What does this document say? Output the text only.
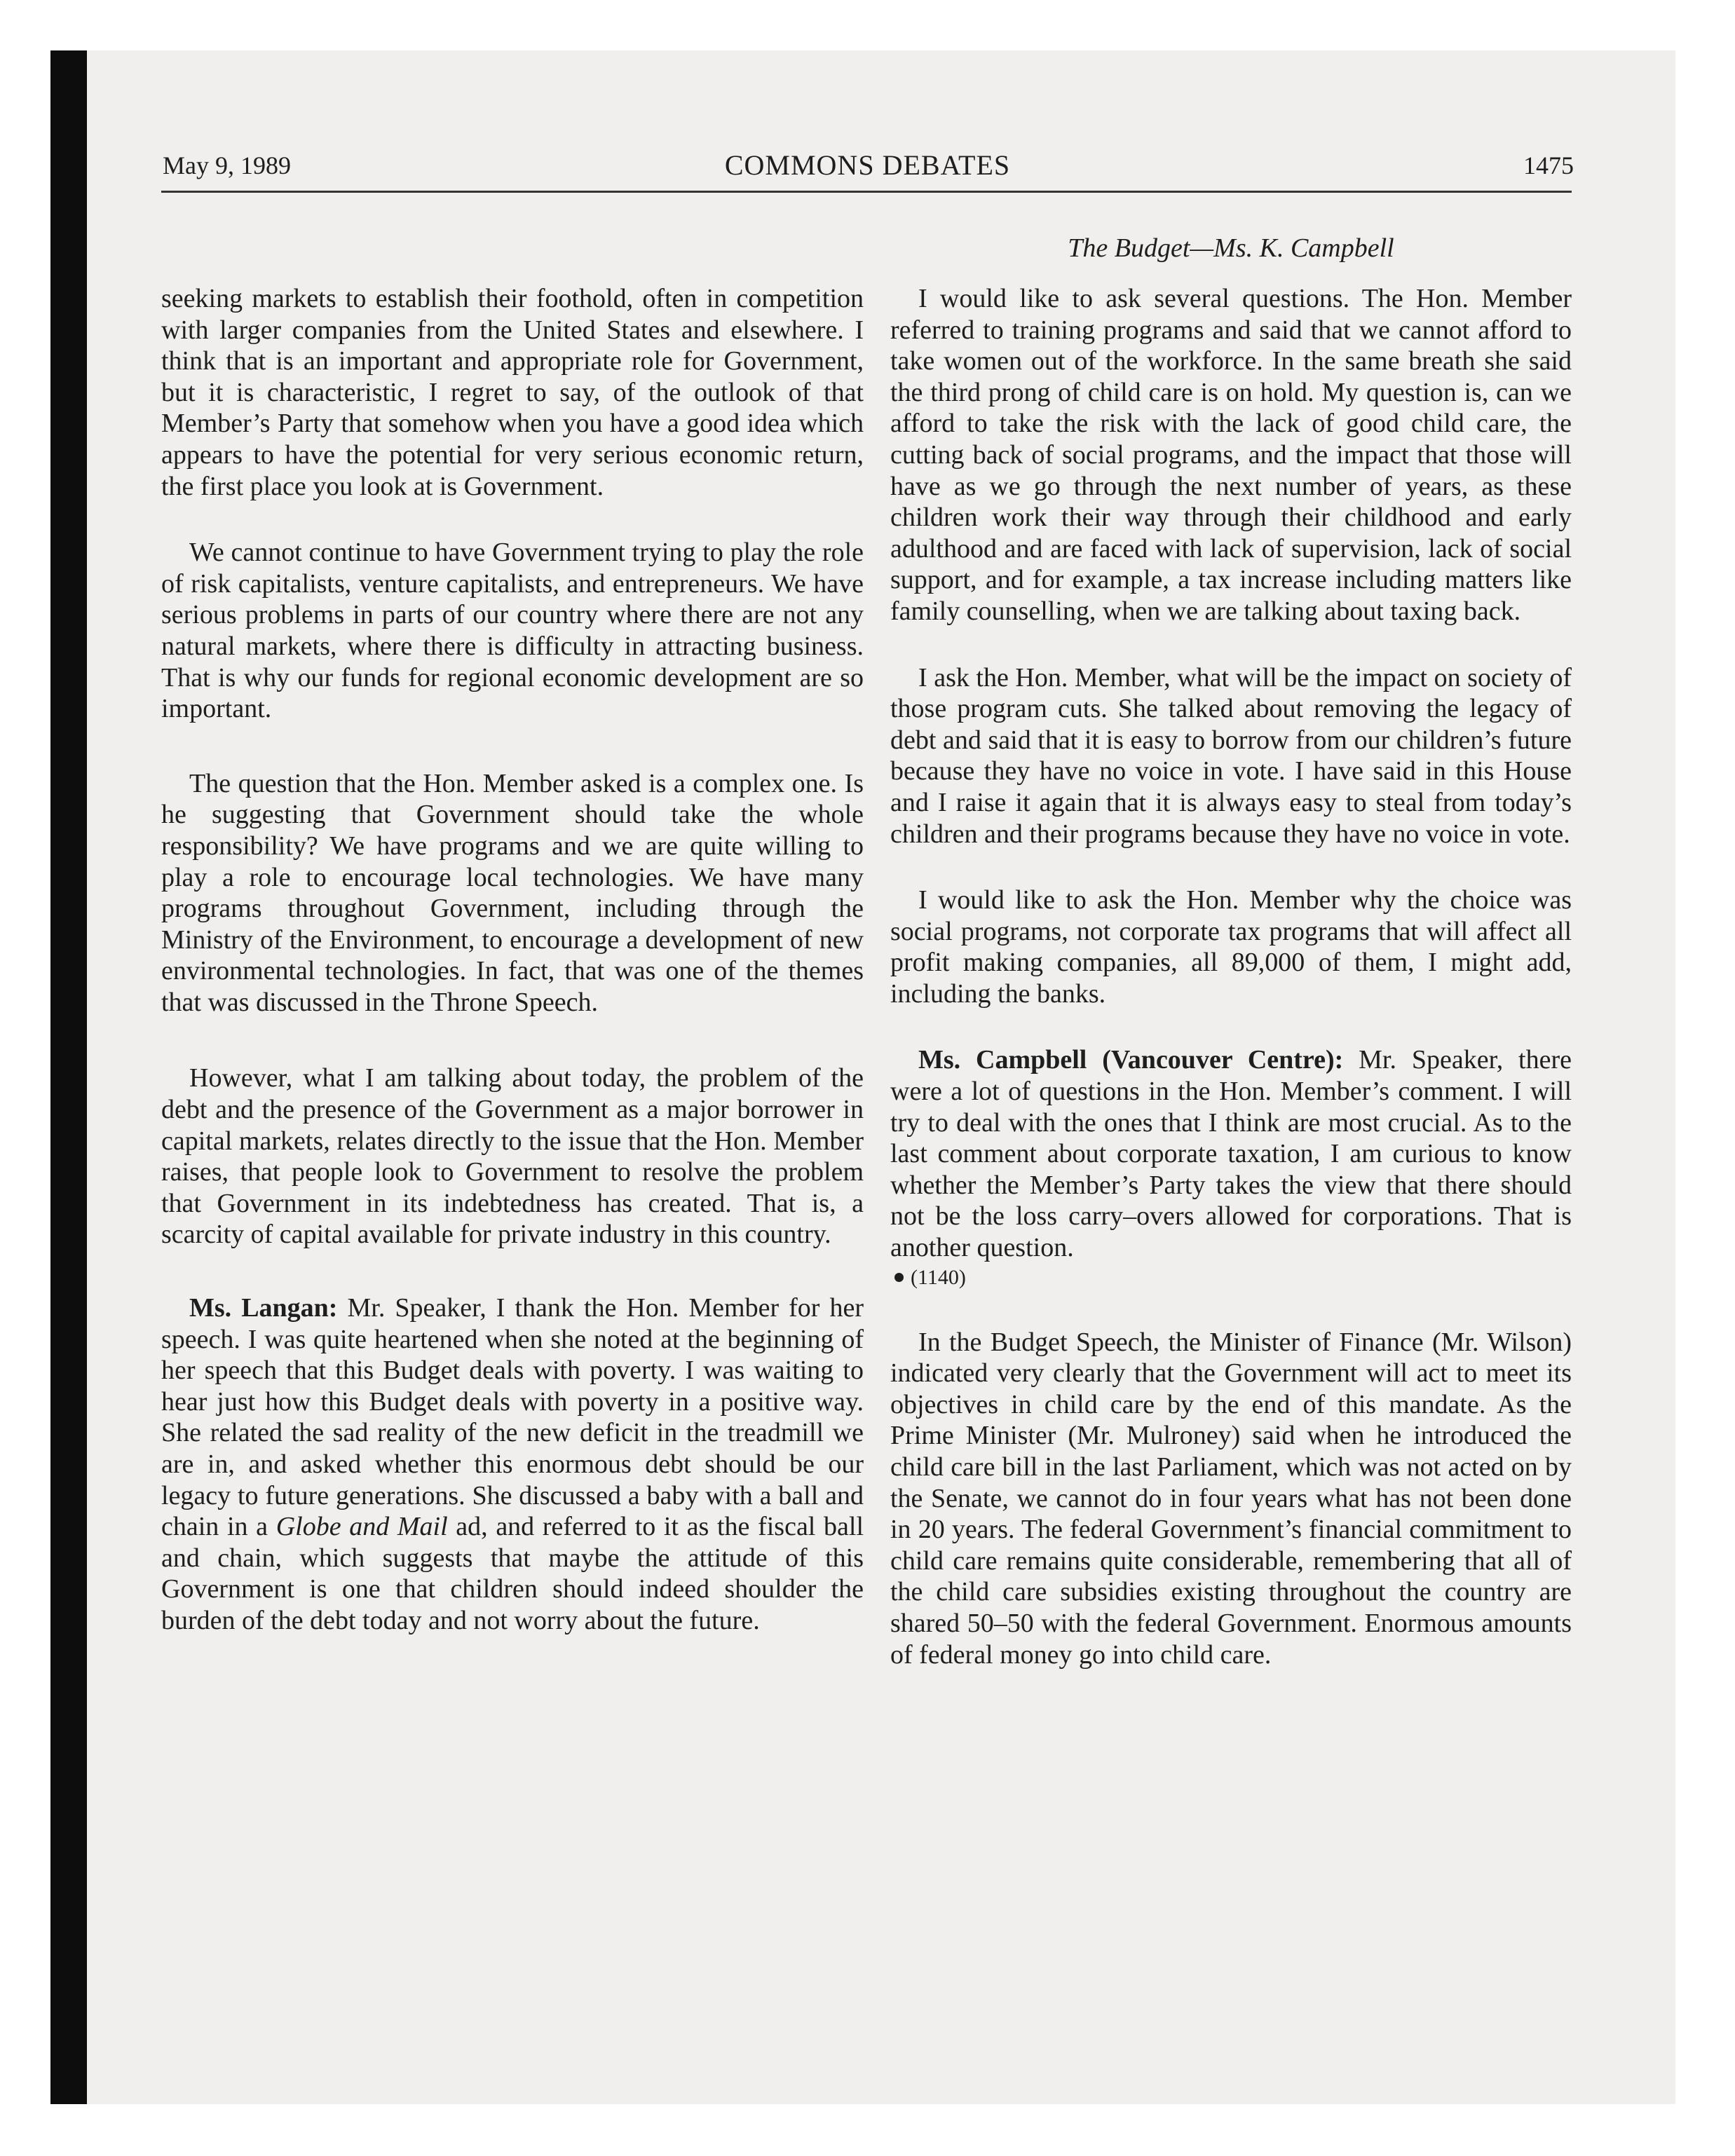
May 9, 1989	COMMONS DEBATES	1475
The Budget—Ms. K. Campbell

seeking markets to establish their foothold, often in competition with larger companies from the United States and elsewhere. I think that is an important and appropriate role for Government, but it is characteristic, I regret to say, of the outlook of that Member’s Party that somehow when you have a good idea which appears to have the potential for very serious economic return, the first place you look at is Government.

We cannot continue to have Government trying to play the role of risk capitalists, venture capitalists, and entrepreneurs. We have serious problems in parts of our country where there are not any natural markets, where there is difficulty in attracting business. That is why our funds for regional economic development are so important.

The question that the Hon. Member asked is a complex one. Is he suggesting that Government should take the whole responsibility? We have programs and we are quite willing to play a role to encourage local technologies. We have many programs throughout Government, including through the Ministry of the Environment, to encourage a development of new environmental technologies. In fact, that was one of the themes that was discussed in the Throne Speech.

However, what I am talking about today, the problem of the debt and the presence of the Government as a major borrower in capital markets, relates directly to the issue that the Hon. Member raises, that people look to Government to resolve the problem that Government in its indebtedness has created. That is, a scarcity of capital available for private industry in this country.

Ms. Langan: Mr. Speaker, I thank the Hon. Member for her speech. I was quite heartened when she noted at the beginning of her speech that this Budget deals with poverty. I was waiting to hear just how this Budget deals with poverty in a positive way. She related the sad reality of the new deficit in the treadmill we are in, and asked whether this enormous debt should be our legacy to future generations. She discussed a baby with a ball and chain in a Globe and Mail ad, and referred to it as the fiscal ball and chain, which suggests that maybe the attitude of this Government is one that children should indeed shoulder the burden of the debt today and not worry about the future.

I would like to ask several questions. The Hon. Member referred to training programs and said that we cannot afford to take women out of the workforce. In the same breath she said the third prong of child care is on hold. My question is, can we afford to take the risk with the lack of good child care, the cutting back of social programs, and the impact that those will have as we go through the next number of years, as these children work their way through their childhood and early adulthood and are faced with lack of supervision, lack of social support, and for example, a tax increase including matters like family counselling, when we are talking about taxing back.

I ask the Hon. Member, what will be the impact on society of those program cuts. She talked about removing the legacy of debt and said that it is easy to borrow from our children’s future because they have no voice in vote. I have said in this House and I raise it again that it is always easy to steal from today’s children and their programs because they have no voice in vote.

I would like to ask the Hon. Member why the choice was social programs, not corporate tax programs that will affect all profit making companies, all 89,000 of them, I might add, including the banks.

Ms. Campbell (Vancouver Centre): Mr. Speaker, there were a lot of questions in the Hon. Member’s comment. I will try to deal with the ones that I think are most crucial. As to the last comment about corporate taxation, I am curious to know whether the Member’s Party takes the view that there should not be the loss carry–overs allowed for corporations. That is another question.

(1140)

In the Budget Speech, the Minister of Finance (Mr. Wilson) indicated very clearly that the Government will act to meet its objectives in child care by the end of this mandate. As the Prime Minister (Mr. Mulroney) said when he introduced the child care bill in the last Parliament, which was not acted on by the Senate, we cannot do in four years what has not been done in 20 years. The federal Government’s financial commitment to child care remains quite considerable, remembering that all of the child care subsidies existing throughout the country are shared 50–50 with the federal Government. Enormous amounts of federal money go into child care.
